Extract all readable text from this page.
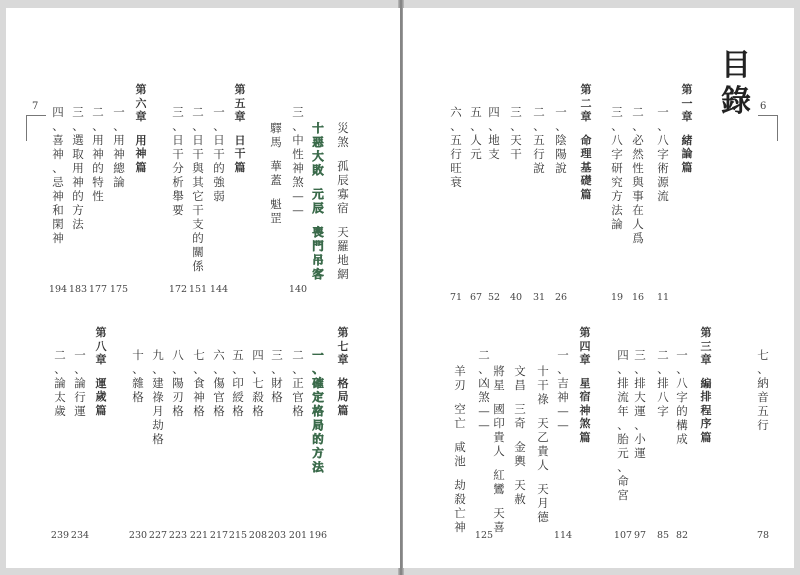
7
災
煞
孤
辰
寡
宿
天
羅
地
網
十
惡
大
敗
元
辰
喪
門
吊
客
三
、
中
性
神
煞
—
—
140
驛
馬
華
蓋
魁
罡
第
五
章
日
干
篇
一
、
日
干
的
強
弱
144
二
、
日
干
與
其
它
干
支
的
關
係
151
三
、
日
干
分
析
舉
要
172
第
六
章
用
神
篇
一
、
用
神
總
論
175
二
、
用
神
的
特
性
177
三
、
選
取
用
神
的
方
法
183
四
、
喜
神
、
忌
神
和
閑
神
194
第
七
章
格
局
篇
一
、
確
定
格
局
的
方
法
196
二
、
正
官
格
201
三
、
財
格
203
四
、
七
殺
格
208
五
、
印
綬
格
215
六
、
傷
官
格
217
七
、
食
神
格
221
八
、
陽
刃
格
223
九
、
建
祿
月
劫
格
227
十
、
雜
格
230
第
八
章
運
歲
篇
一
、
論
行
運
234
二
、
論
太
歲
239
目
錄 6
第
一
章
緒
論
篇
一
、
八
字
術
源
流
11
二
、
必
然
性
與
事
在
人
爲
16
三
、
八
字
研
究
方
法
論
19
第
二
章
命
理
基
礎
篇
一
、
陰
陽
說
26
二
、
五
行
說
31
三
、
天
干
40
四
、
地
支
52
五
、
人
元
67
六
、
五
行
旺
衰
71
七
、
納
音
五
行
78
第
三
章
編
排
程
序
篇
一
、
八
字
的
構
成
82
二
、
排
八
字
85
三
、
排
大
運
、
小
運
97
四
、
排
流
年
、
胎
元
、
命
宮
107
第
四
章
星
宿
神
煞
篇
一
、
吉
神
—
—
114
十
干
祿
天
乙
貴
人
天
月
德
文
昌
三
奇
金
輿
天
赦
將
星
國
印
貴
人
紅
鸞
天
喜
二
、
凶
煞
—
—
125
羊
刃
空
亡
咸
池
劫
殺
亡
神
